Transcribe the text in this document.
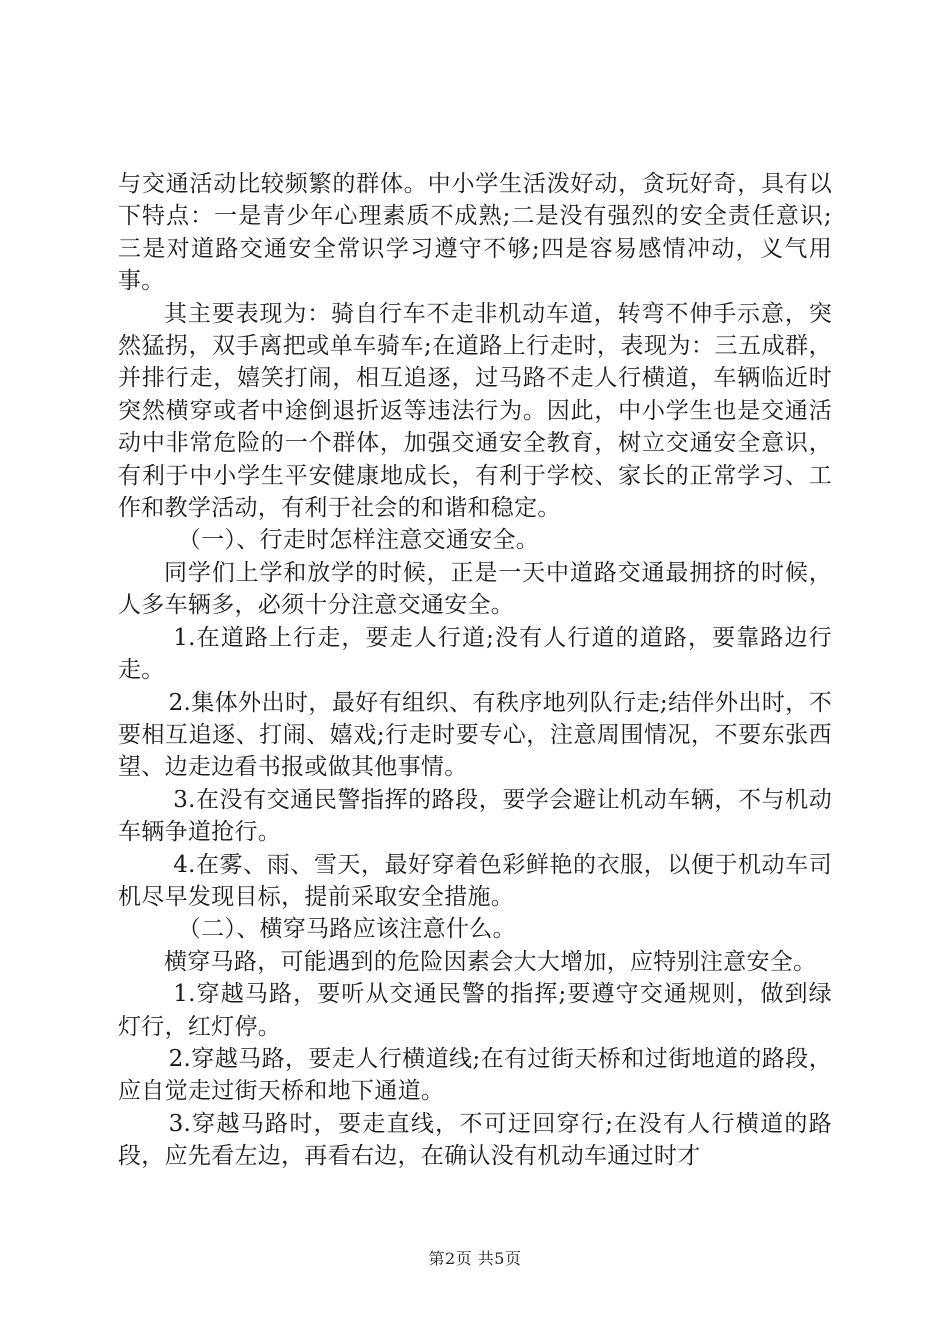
与交通活动比较频繁的群体。中小学生活泼好动，贪玩好奇，具有以下特点：一是青少年心理素质不成熟;二是没有强烈的安全责任意识;三是对道路交通安全常识学习遵守不够;四是容易感情冲动，义气用事。

其主要表现为：骑自行车不走非机动车道，转弯不伸手示意，突然猛拐，双手离把或单车骑车;在道路上行走时，表现为：三五成群，并排行走，嬉笑打闹，相互追逐，过马路不走人行横道，车辆临近时突然横穿或者中途倒退折返等违法行为。因此，中小学生也是交通活动中非常危险的一个群体，加强交通安全教育，树立交通安全意识，有利于中小学生平安健康地成长，有利于学校、家长的正常学习、工作和教学活动，有利于社会的和谐和稳定。

（一）、行走时怎样注意交通安全。

同学们上学和放学的时候，正是一天中道路交通最拥挤的时候，人多车辆多，必须十分注意交通安全。

1.在道路上行走，要走人行道;没有人行道的道路，要靠路边行走。

2.集体外出时，最好有组织、有秩序地列队行走;结伴外出时，不要相互追逐、打闹、嬉戏;行走时要专心，注意周围情况，不要东张西望、边走边看书报或做其他事情。

3.在没有交通民警指挥的路段，要学会避让机动车辆，不与机动车辆争道抢行。

4.在雾、雨、雪天，最好穿着色彩鲜艳的衣服，以便于机动车司机尽早发现目标，提前采取安全措施。

（二）、横穿马路应该注意什么。

横穿马路，可能遇到的危险因素会大大增加，应特别注意安全。

1.穿越马路，要听从交通民警的指挥;要遵守交通规则，做到绿灯行，红灯停。

2.穿越马路，要走人行横道线;在有过街天桥和过街地道的路段，应自觉走过街天桥和地下通道。

3.穿越马路时，要走直线，不可迂回穿行;在没有人行横道的路段，应先看左边，再看右边，在确认没有机动车通过时才

第2页 共5页
